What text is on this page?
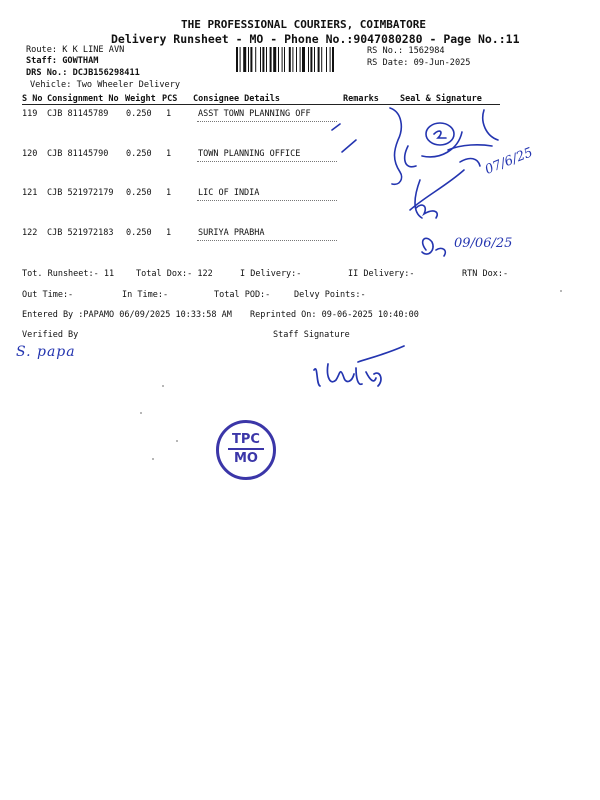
THE PROFESSIONAL COURIERS, COIMBATORE
Delivery Runsheet - MO - Phone No.:9047080280 - Page No.:11
Route: K K LINE AVN
Staff: GOWTHAM
DRS No.: DCJB156298411
Vehicle: Two Wheeler Delivery
RS No.: 1562984
RS Date: 09-Jun-2025
S No Consignment No Weight PCS Consignee Details	Remarks Seal & Signature
119 CJB 81145789 0.250 1	ASST TOWN PLANNING OFF
120 CJB 81145790 0.250 1	TOWN PLANNING OFFICE
121 CJB 521972179 0.250 1	LIC OF INDIA
122 CJB 521972183 0.250 1	SURIYA PRABHA
Tot. Runsheet:- 11	Total Dox:- 122	I Delivery:-	II Delivery:-	RTN Dox:-
Out Time:-	In Time:-	Total POD:-	Delvy Points:-
Entered By :PAPAMO 06/09/2025 10:33:58 AM Reprinted On: 09-06-2025 10:40:00
Verified By	Staff Signature
S. papa
07/6/25
09/06/25
TPC
MO
